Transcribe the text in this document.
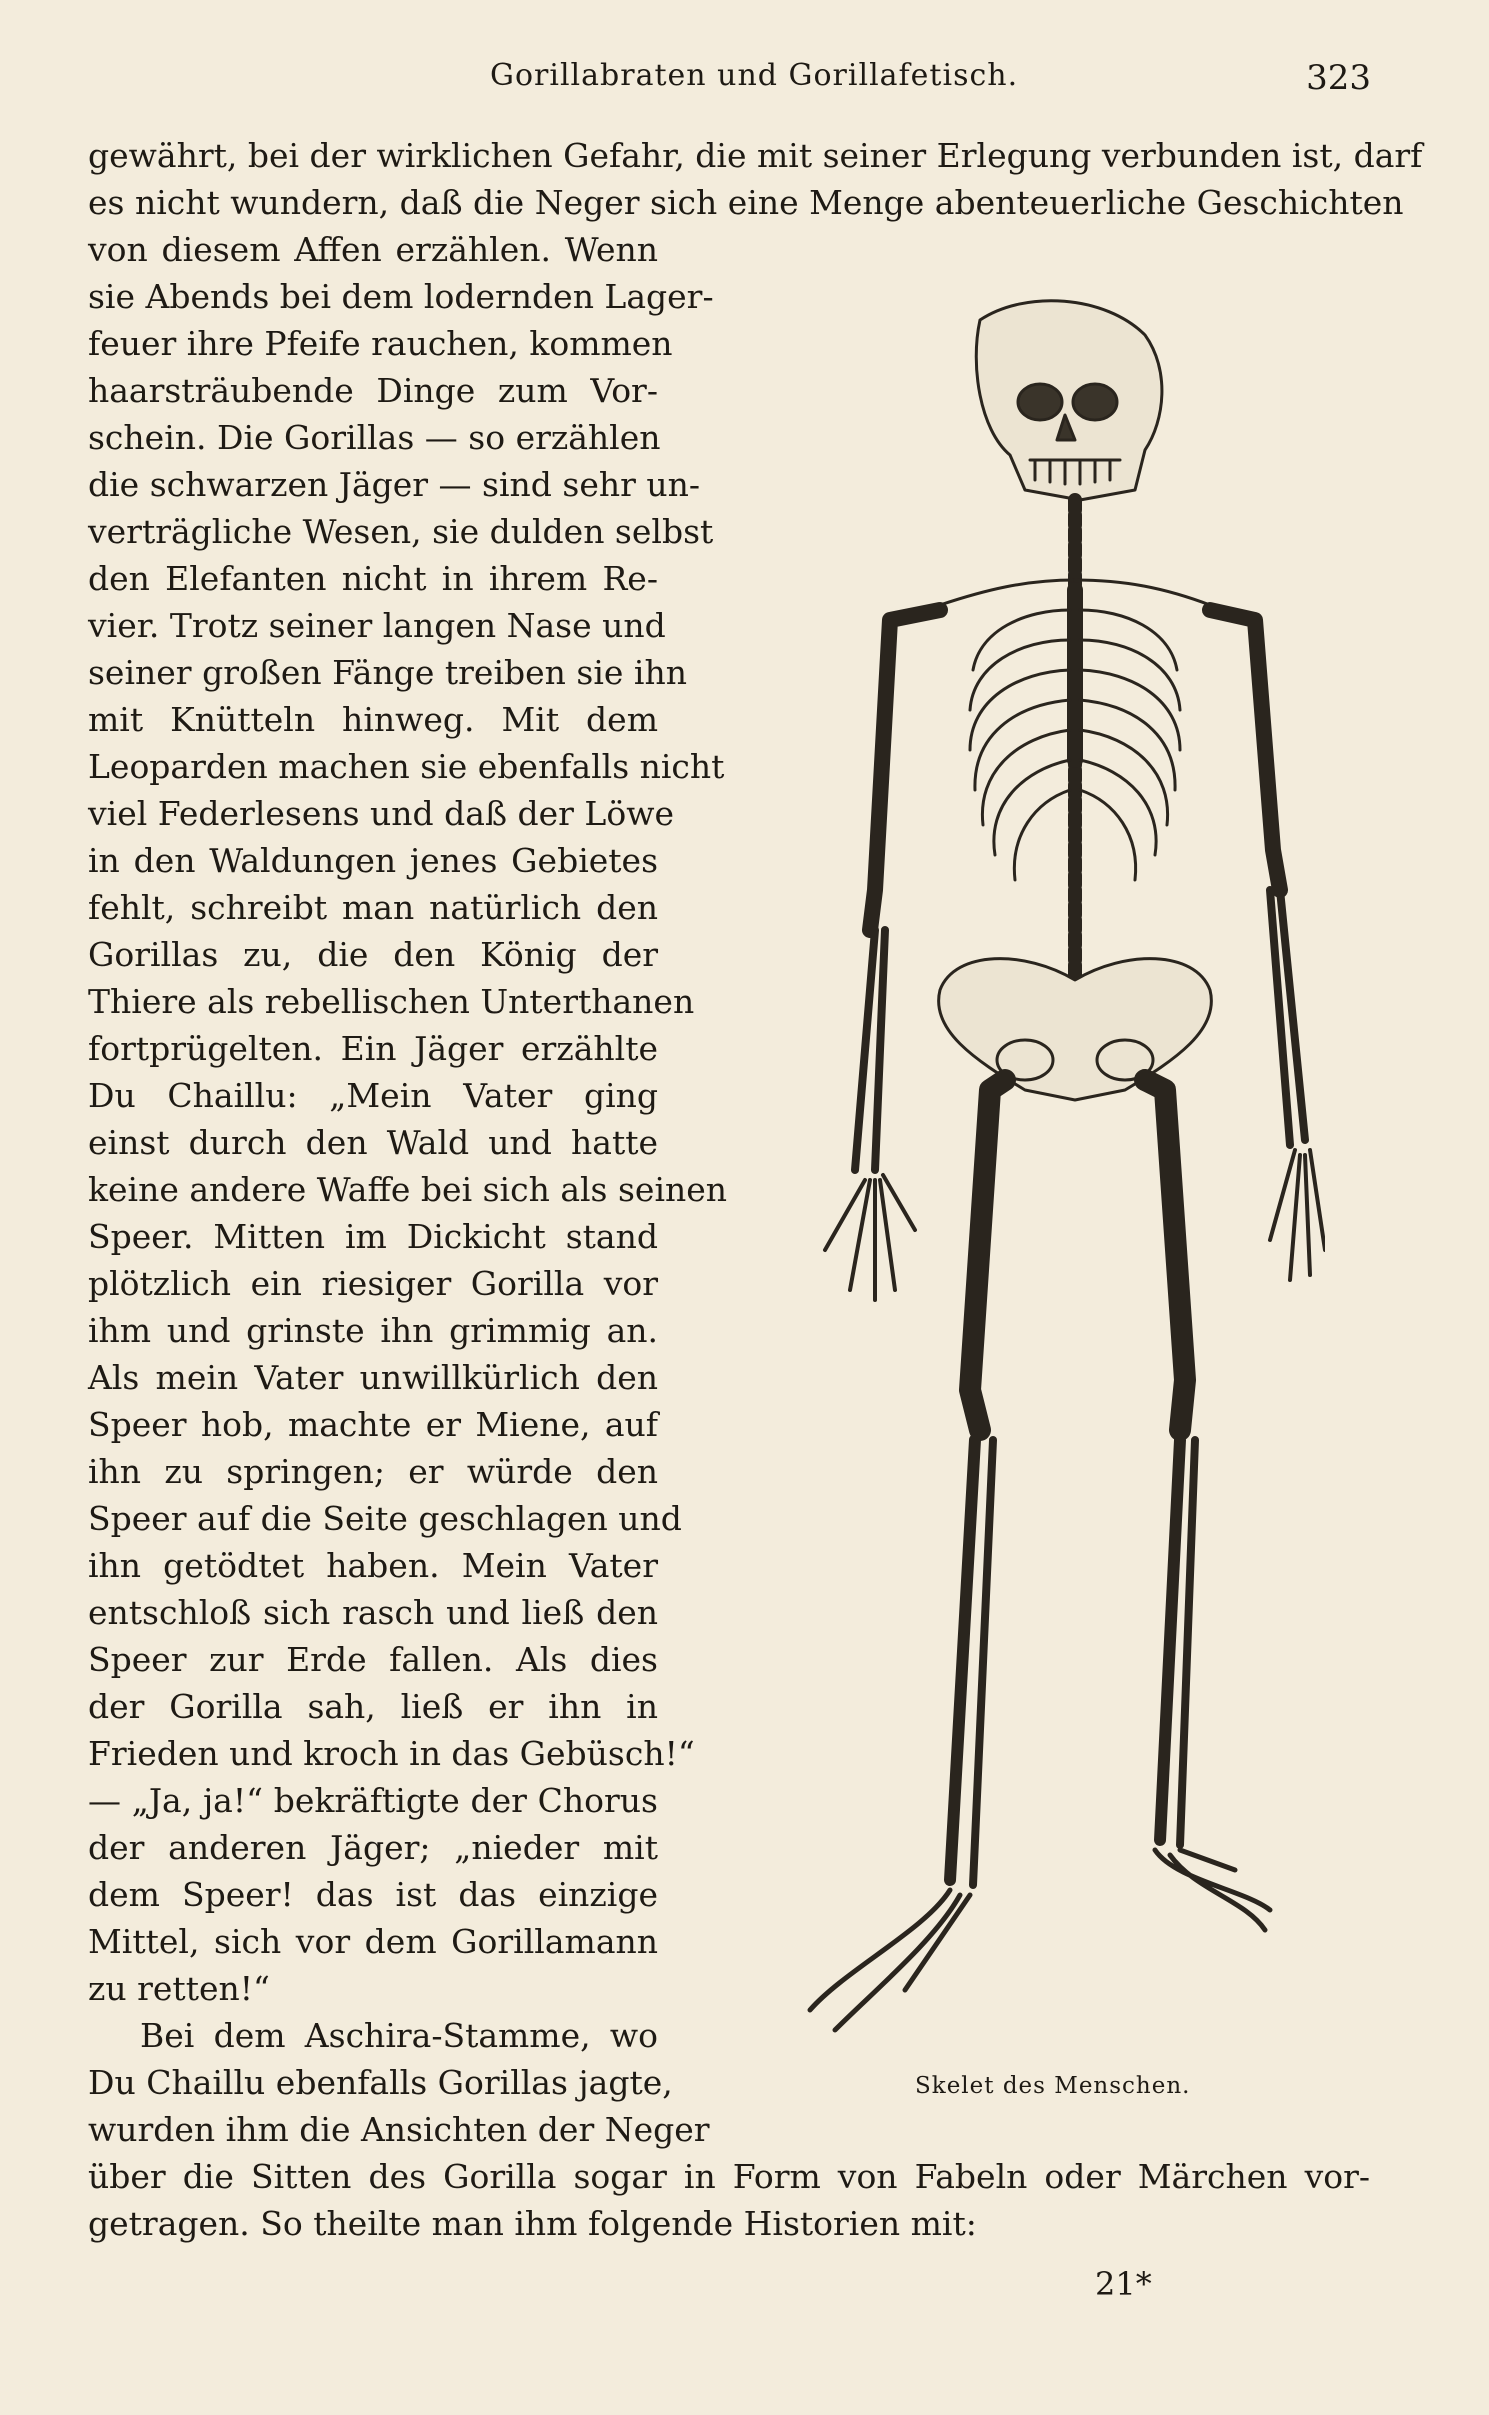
Gorillabraten und Gorillafetisch.	323
gewährt, bei der wirklichen Gefahr, die mit seiner Erlegung verbunden ist, darf
es nicht wundern, daß die Neger sich eine Menge abenteuerliche Geschichten
von diesem Affen erzählen. Wenn
sie Abends bei dem lodernden Lager-
feuer ihre Pfeife rauchen, kommen
haarsträubende Dinge zum Vor-
schein. Die Gorillas — so erzählen
die schwarzen Jäger — sind sehr un-
verträgliche Wesen, sie dulden selbst
den Elefanten nicht in ihrem Re-
vier. Trotz seiner langen Nase und
seiner großen Fänge treiben sie ihn
mit Knütteln hinweg. Mit dem
Leoparden machen sie ebenfalls nicht
viel Federlesens und daß der Löwe
in den Waldungen jenes Gebietes
fehlt, schreibt man natürlich den
Gorillas zu, die den König der
Thiere als rebellischen Unterthanen
fortprügelten. Ein Jäger erzählte
Du Chaillu: „Mein Vater ging
einst durch den Wald und hatte
keine andere Waffe bei sich als seinen
Speer. Mitten im Dickicht stand
plötzlich ein riesiger Gorilla vor
ihm und grinste ihn grimmig an.
Als mein Vater unwillkürlich den
Speer hob, machte er Miene, auf
ihn zu springen; er würde den
Speer auf die Seite geschlagen und
ihn getödtet haben. Mein Vater
entschloß sich rasch und ließ den
Speer zur Erde fallen. Als dies
der Gorilla sah, ließ er ihn in
Frieden und kroch in das Gebüsch!“
— „Ja, ja!“ bekräftigte der Chorus
der anderen Jäger; „nieder mit
dem Speer! das ist das einzige
Mittel, sich vor dem Gorillamann
zu retten!“
Bei dem Aschira-Stamme, wo
Du Chaillu ebenfalls Gorillas jagte,
wurden ihm die Ansichten der Neger
über die Sitten des Gorilla sogar in Form von Fabeln oder Märchen vor-
getragen. So theilte man ihm folgende Historien mit:
Skelet des Menschen.
21*
